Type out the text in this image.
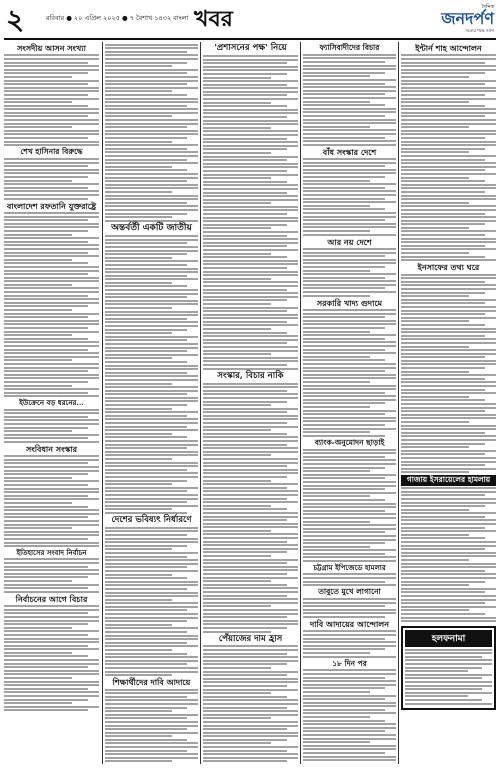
২	রবিবার ● ২০ এপ্রিল ২০২৫ ● ৭ বৈশাখ ১৪৩২ বাংলা খবর	দৈনিক
জনদর্পণ
সত্যের পক্ষে সর্বদা
সংসদীয় আসন সংখ্যা
শেখ হাসিনার বিরুদ্ধে
বাংলাদেশ রফতানি যুক্তরাষ্ট্রে
ইউক্রেনে বড় ধরনের...
সংবিধান সংস্কার
ইতিহাসের সংবাদ নির্বাচন
নির্বাচনের আগে বিচার
অন্তর্বর্তী একটি জাতীয়
দেশের ভবিষ্যৎ নির্ধারণে
শিক্ষার্থীদের দাবি আদায়ে
'প্রশাসনের পক্ষ' নিয়ে
সংস্কার, বিচার নাকি
পেঁয়াজের দাম হ্রাস
ফ্যাসিবাদীদের বিচার
বাঁধ সংস্কার দেশে
আর নয় দেশে
সরকারি খাদ্য গুদামে
ব্যাংক-অনুমোদন ছাড়াই
চট্টগ্রাম ইপিজেডে হামলার
তাবুতে মুখে লাগানো
দাবি আদায়ের আন্দোলন
১৮ দিন পর
ইন্টার্ন শাহ আন্দোলন
ইনসাফের তথ্য ঘরে
গাজায় ইসরায়েলের হামলায়
হলফনামা
